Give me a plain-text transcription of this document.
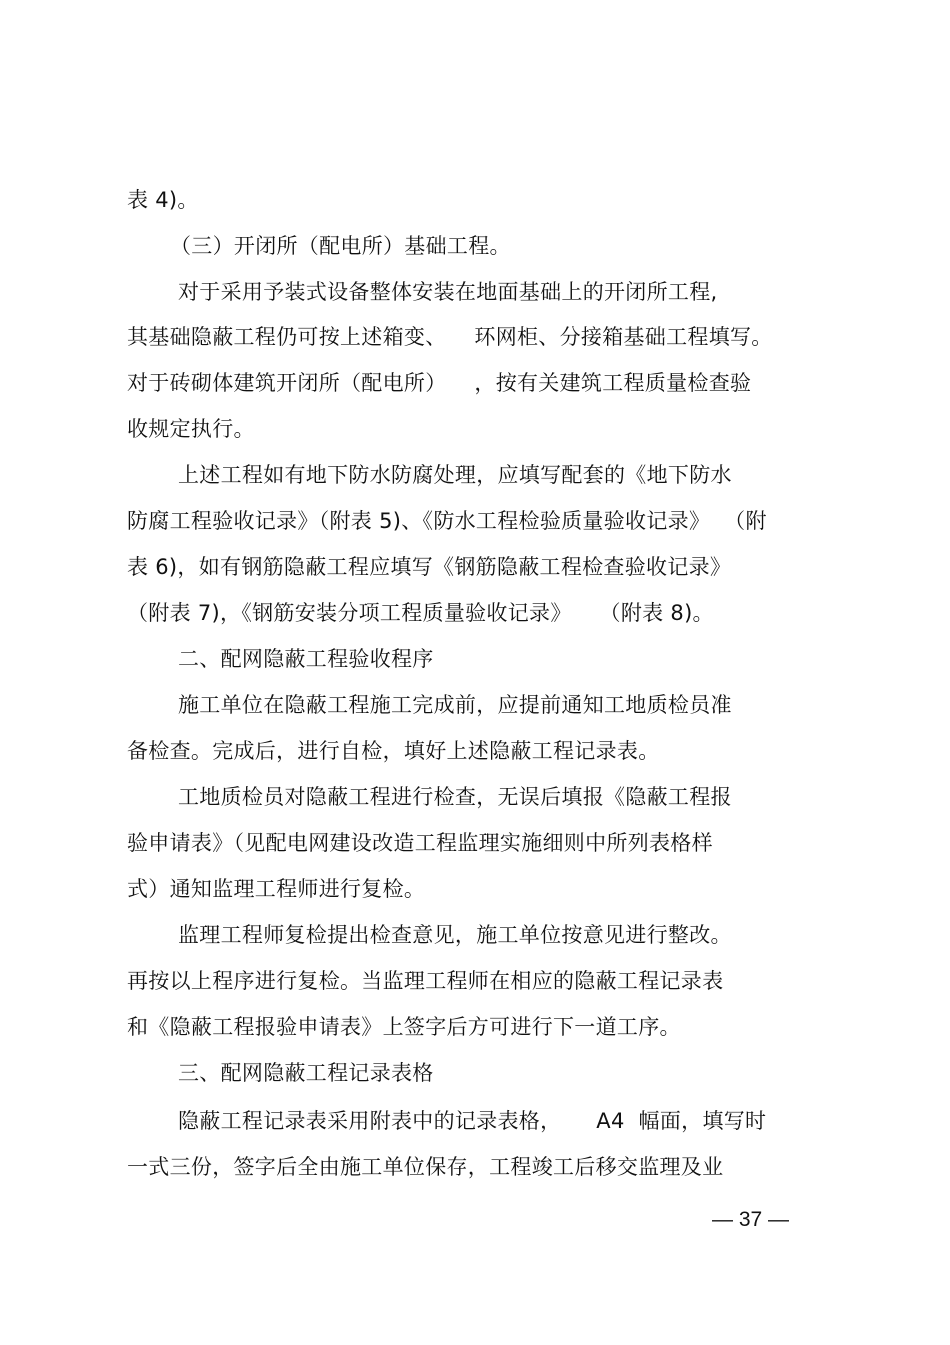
表 4)。
（三）开闭所（配电所）基础工程。
对于采用予装式设备整体安装在地面基础上的开闭所工程,
其基础隐蔽工程仍可按上述箱变、    环网柜、分接箱基础工程填写。
对于砖砌体建筑开闭所（配电所）    ，按有关建筑工程质量检查验
收规定执行。
上述工程如有地下防水防腐处理，应填写配套的《地下防水
防腐工程验收记录》（附表 5)、《防水工程检验质量验收记录》  （附
表 6)，如有钢筋隐蔽工程应填写《钢筋隐蔽工程检查验收记录》
（附表 7)，《钢筋安装分项工程质量验收记录》    （附表 8)。
二、配网隐蔽工程验收程序
施工单位在隐蔽工程施工完成前，应提前通知工地质检员准
备检查。完成后，进行自检，填好上述隐蔽工程记录表。
工地质检员对隐蔽工程进行检查，无误后填报《隐蔽工程报
验申请表》（见配电网建设改造工程监理实施细则中所列表格样
式）通知监理工程师进行复检。
监理工程师复检提出检查意见，施工单位按意见进行整改。
再按以上程序进行复检。当监理工程师在相应的隐蔽工程记录表
和《隐蔽工程报验申请表》上签字后方可进行下一道工序。
三、配网隐蔽工程记录表格
隐蔽工程记录表采用附表中的记录表格，     A4  幅面，填写时
一式三份，签字后全由施工单位保存，工程竣工后移交监理及业
— 37 —
